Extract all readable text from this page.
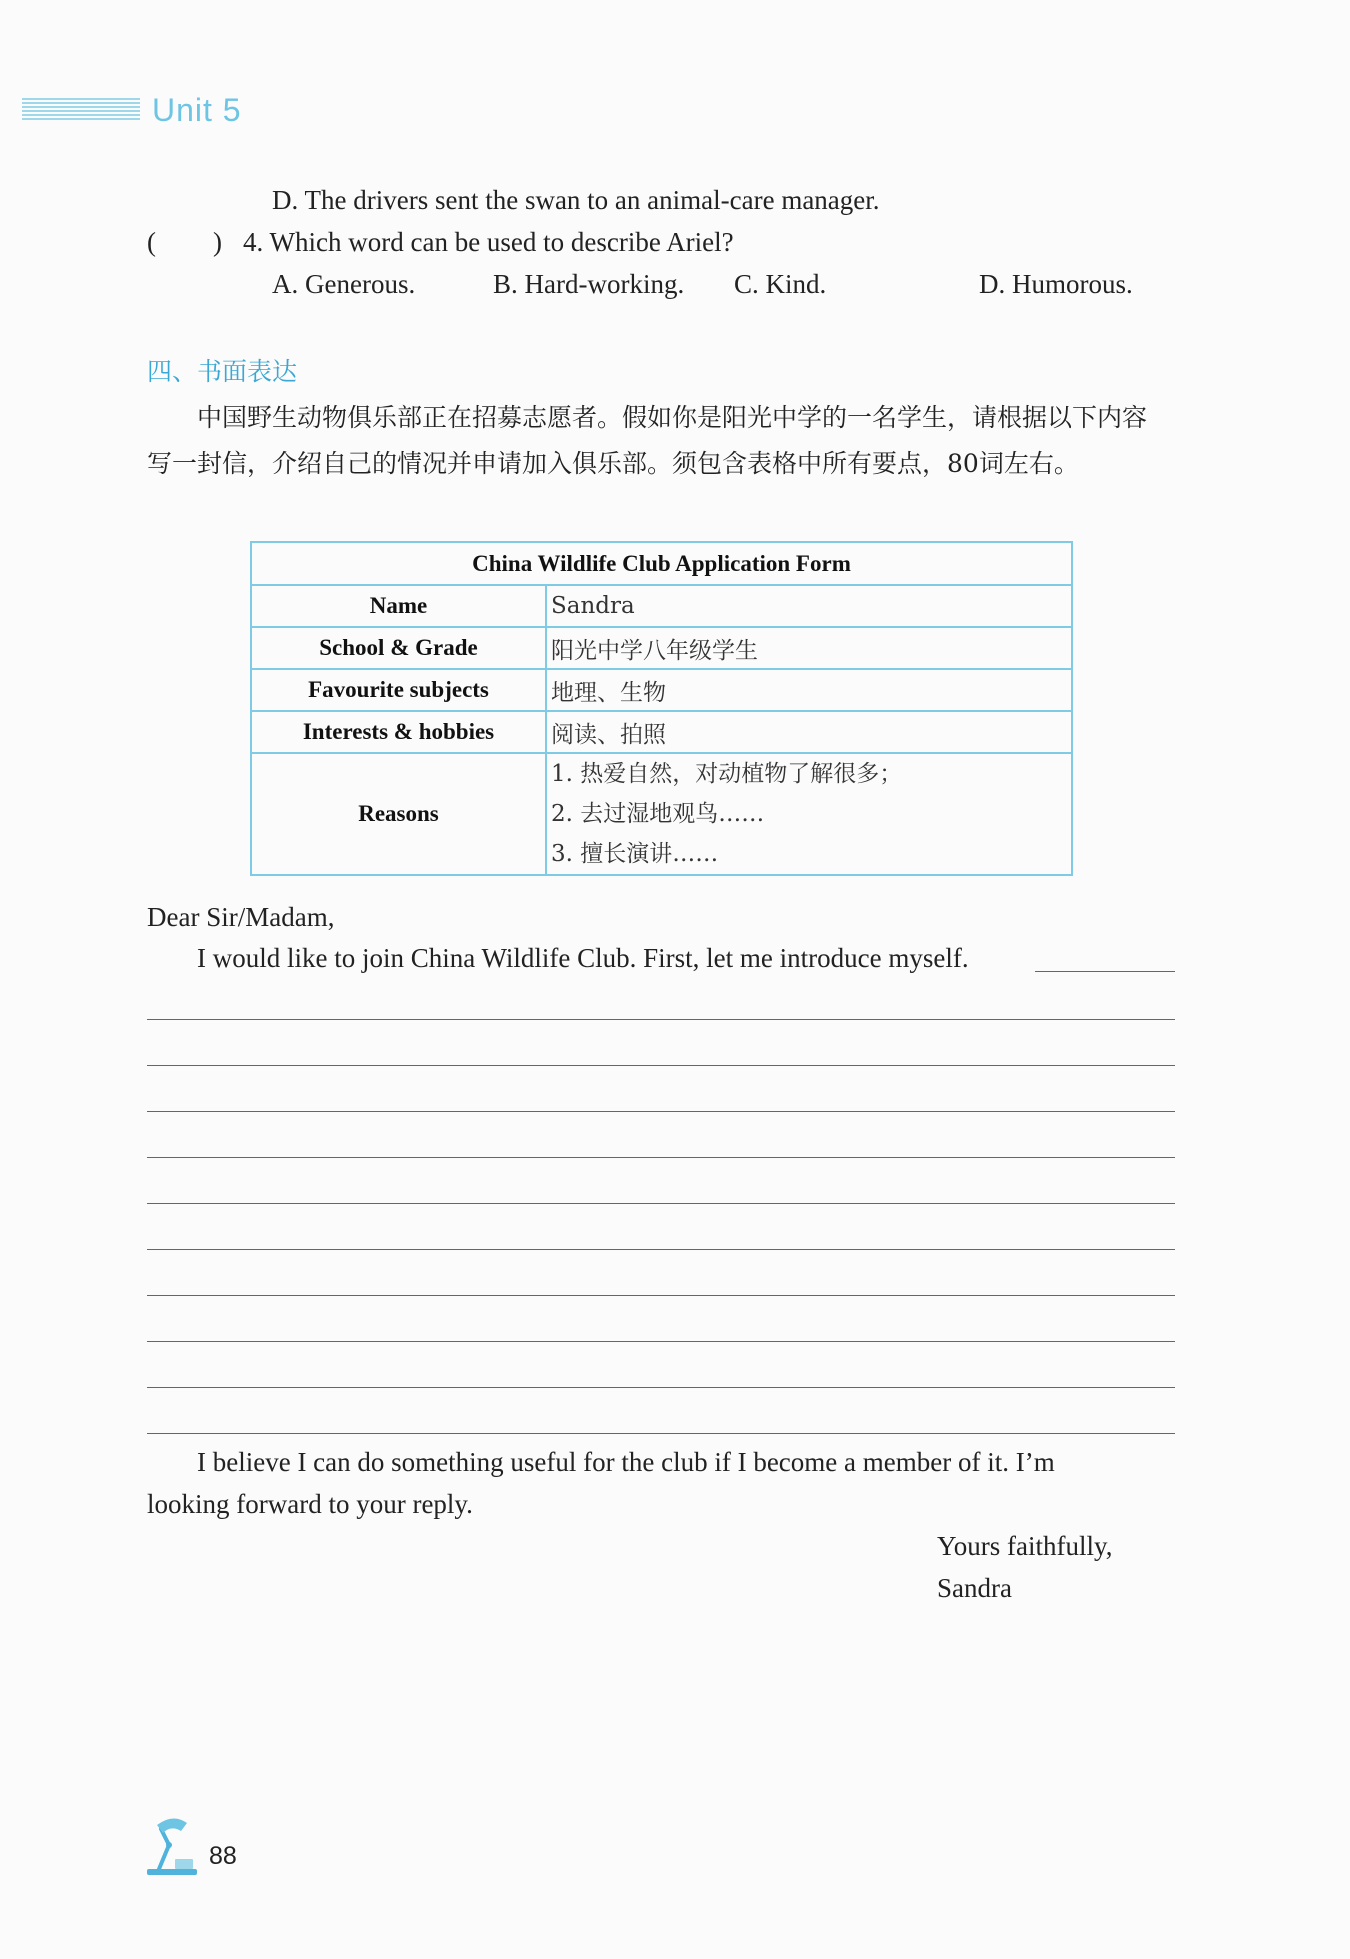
Unit 5
D. The drivers sent the swan to an animal-care manager.
( ) 4. Which word can be used to describe Ariel?
A. Generous.	B. Hard-working. C. Kind.	D. Humorous.
四、书面表达
中国野生动物俱乐部正在招募志愿者。假如你是阳光中学的一名学生，请根据以下内容写一封信，介绍自己的情况并申请加入俱乐部。须包含表格中所有要点，80词左右。
China Wildlife Club Application Form	
Name	Sandra
School & Grade	阳光中学八年级学生
Favourite subjects	地理、生物
Interests & hobbies	阅读、拍照
Reasons	1. 热爱自然，对动植物了解很多；
2. 去过湿地观鸟……
3. 擅长演讲……
Dear Sir/Madam,
I would like to join China Wildlife Club. First, let me introduce myself.
I believe I can do something useful for the club if I become a member of it. I’m
looking forward to your reply.
Yours faithfully,
Sandra
88
